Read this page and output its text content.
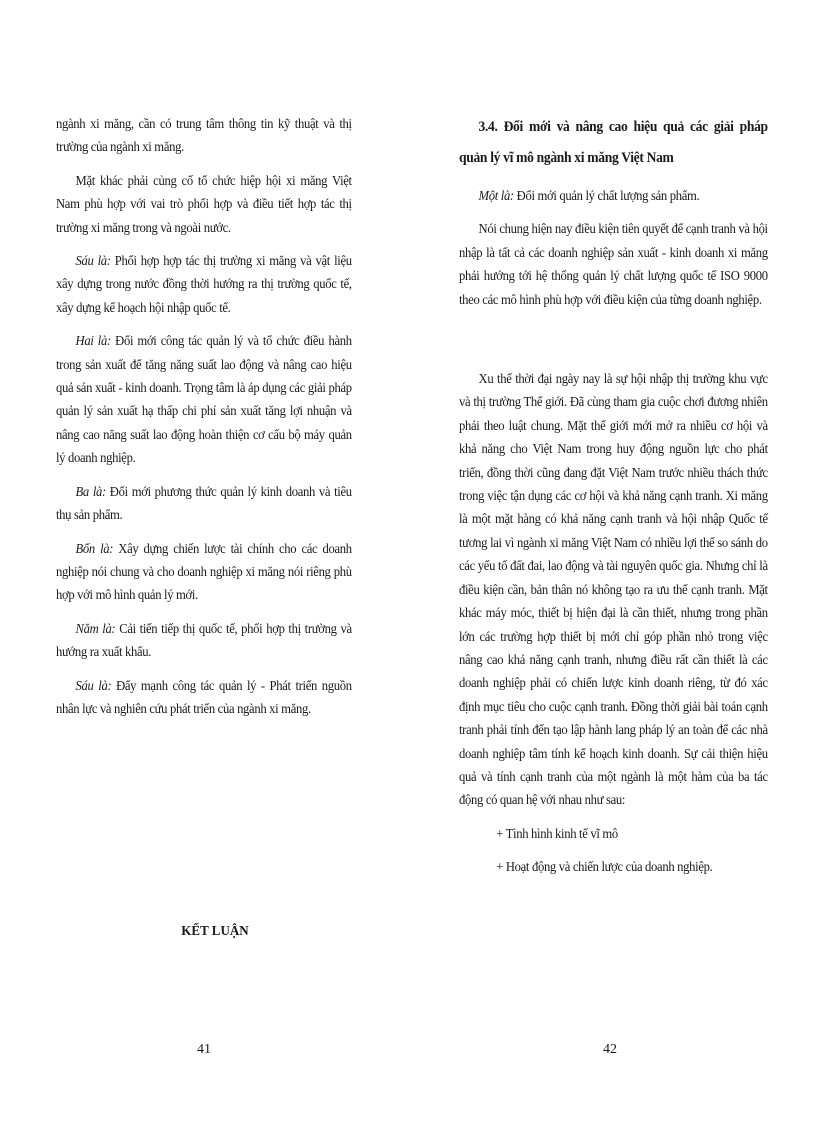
ngành xi măng, cần có trung tâm thông tin kỹ thuật và thị trường của ngành xi măng.

Mặt khác phải củng cố tổ chức hiệp hội xi măng Việt Nam phù hợp với vai trò phối hợp và điều tiết hợp tác thị trường xi măng trong và ngoài nước.

Sáu là: Phối hợp hợp tác thị trường xi măng và vật liệu xây dựng trong nước đồng thời hướng ra thị trường quốc tế, xây dựng kế hoạch hội nhập quốc tế.

Hai là: Đổi mới công tác quản lý và tổ chức điều hành trong sản xuất để tăng năng suất lao động và nâng cao hiệu quả sản xuất - kinh doanh. Trọng tâm là áp dụng các giải pháp quản lý sản xuất hạ thấp chi phí sản xuất tăng lợi nhuận và nâng cao năng suất lao động hoàn thiện cơ cấu bộ máy quản lý doanh nghiệp.

Ba là: Đổi mới phương thức quản lý kinh doanh và tiêu thụ sản phẩm.

Bốn là: Xây dựng chiến lược tài chính cho các doanh nghiệp nói chung và cho doanh nghiệp xi măng nói riêng phù hợp với mô hình quản lý mới.

Năm là: Cải tiến tiếp thị quốc tế, phối hợp thị trường và hướng ra xuất khẩu.

Sáu là: Đẩy mạnh công tác quản lý - Phát triển nguồn nhân lực và nghiên cứu phát triển của ngành xi măng.

KẾT LUẬN
41

3.4. Đổi mới và nâng cao hiệu quả các giải pháp quản lý vĩ mô ngành xi măng Việt Nam

Một là: Đổi mới quản lý chất lượng sản phẩm.

Nói chung hiện nay điều kiện tiên quyết để cạnh tranh và hội nhập là tất cả các doanh nghiệp sản xuất - kinh doanh xi măng phải hướng tới hệ thống quản lý chất lượng quốc tế ISO 9000 theo các mô hình phù hợp với điều kiện của từng doanh nghiệp.

Xu thế thời đại ngày nay là sự hội nhập thị trường khu vực và thị trường Thế giới. Đã cùng tham gia cuộc chơi đương nhiên phải theo luật chung. Mặt thế giới mới mở ra nhiều cơ hội và khả năng cho Việt Nam trong huy động nguồn lực cho phát triển, đồng thời cũng đang đặt Việt Nam trước nhiều thách thức trong việc tận dụng các cơ hội và khả năng cạnh tranh. Xi măng là một mặt hàng có khả năng cạnh tranh và hội nhập Quốc tế tương lai vì ngành xi măng Việt Nam có nhiều lợi thế so sánh do các yếu tố đất đai, lao động và tài nguyên quốc gia. Nhưng chỉ là điều kiện cần, bản thân nó không tạo ra ưu thế cạnh tranh. Mặt khác máy móc, thiết bị hiện đại là cần thiết, nhưng trong phần lớn các trường hợp thiết bị mới chỉ góp phần nhỏ trong việc nâng cao khả năng cạnh tranh, nhưng điều rất cần thiết là các doanh nghiệp phải có chiến lược kinh doanh riêng, từ đó xác định mục tiêu cho cuộc cạnh tranh. Đồng thời giải bài toán cạnh tranh phải tính đến tạo lập hành lang pháp lý an toàn để các nhà doanh nghiệp tâm tính kế hoạch kinh doanh. Sự cải thiện hiệu quả và tính cạnh tranh của một ngành là một hàm của ba tác động có quan hệ với nhau như sau:

+ Tình hình kinh tế vĩ mô

+ Hoạt động và chiến lược của doanh nghiệp.

42
